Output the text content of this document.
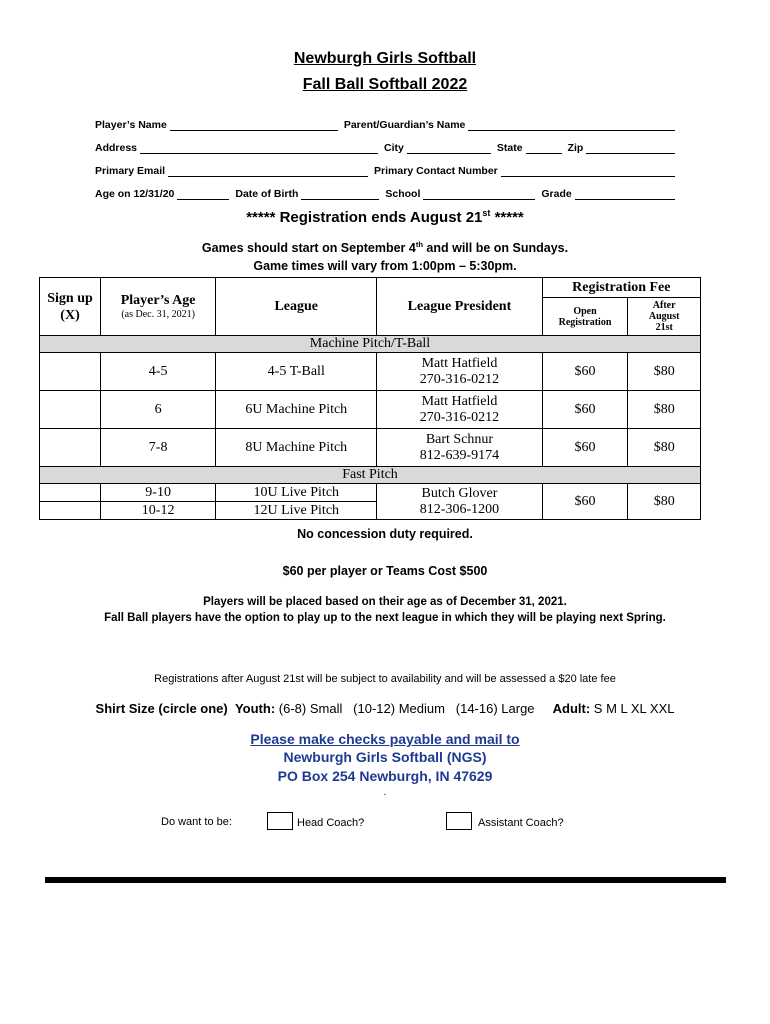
Newburgh Girls Softball
Fall Ball Softball 2022
Player’s Name	Parent/Guardian’s Name
Address	City	State	Zip
Primary Email	Primary Contact Number
Age on 12/31/20	Date of Birth	School	Grade
***** Registration ends August 21st *****
Games should start on September 4th and will be on Sundays.
Game times will vary from 1:00pm – 5:30pm.
Sign up (X)	Player’s Age
(as Dec. 31, 2021)	League	League President	Registration Fee	
				Open Registration	After August 21st
Machine Pitch/T-Ball					
	4-5	4-5 T-Ball	Matt Hatfield
270-316-0212	$60	$80
	6	6U Machine Pitch	Matt Hatfield
270-316-0212	$60	$80
	7-8	8U Machine Pitch	Bart Schnur
812-639-9174	$60	$80
Fast Pitch					
	9-10	10U Live Pitch	Butch Glover
812-306-1200	$60	$80
	10-12	12U Live Pitch			
No concession duty required.
$60 per player or Teams Cost $500
Players will be placed based on their age as of December 31, 2021.
Fall Ball players have the option to play up to the next league in which they will be playing next Spring.
Registrations after August 21st will be subject to availability and will be assessed a $20 late fee
Shirt Size (circle one) Youth: (6-8) Small   (10-12) Medium   (14-16) Large Adult: S M L XL XXL
Please make checks payable and mail to
Newburgh Girls Softball (NGS)
PO Box 254 Newburgh, IN 47629
.
Do want to be:	Head Coach?	Assistant Coach?
